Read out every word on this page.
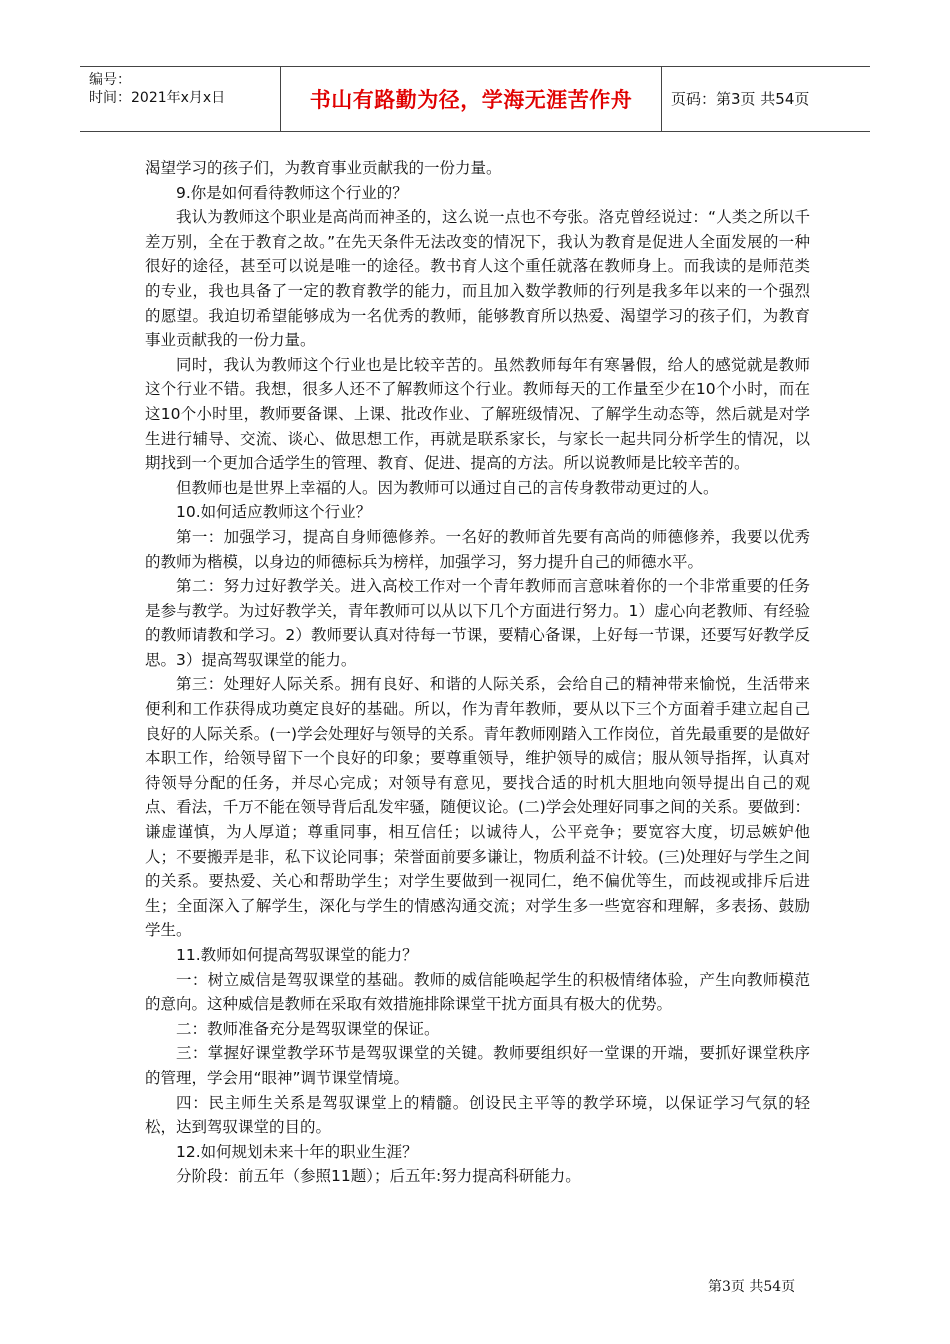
编号：
时间：2021年x月x日	书山有路勤为径，学海无涯苦作舟	页码：第3页 共54页

渴望学习的孩子们，为教育事业贡献我的一份力量。

9.你是如何看待教师这个行业的？

我认为教师这个职业是高尚而神圣的，这么说一点也不夸张。洛克曾经说过：“人类之所以千差万别，全在于教育之故。”在先天条件无法改变的情况下，我认为教育是促进人全面发展的一种很好的途径，甚至可以说是唯一的途径。教书育人这个重任就落在教师身上。而我读的是师范类的专业，我也具备了一定的教育教学的能力，而且加入数学教师的行列是我多年以来的一个强烈的愿望。我迫切希望能够成为一名优秀的教师，能够教育所以热爱、渴望学习的孩子们，为教育事业贡献我的一份力量。

同时，我认为教师这个行业也是比较辛苦的。虽然教师每年有寒暑假，给人的感觉就是教师这个行业不错。我想，很多人还不了解教师这个行业。教师每天的工作量至少在10个小时，而在这10个小时里，教师要备课、上课、批改作业、了解班级情况、了解学生动态等，然后就是对学生进行辅导、交流、谈心、做思想工作，再就是联系家长，与家长一起共同分析学生的情况，以期找到一个更加合适学生的管理、教育、促进、提高的方法。所以说教师是比较辛苦的。

但教师也是世界上幸福的人。因为教师可以通过自己的言传身教带动更过的人。

10.如何适应教师这个行业？

第一：加强学习，提高自身师德修养。一名好的教师首先要有高尚的师德修养，我要以优秀的教师为楷模，以身边的师德标兵为榜样，加强学习，努力提升自己的师德水平。

第二：努力过好教学关。进入高校工作对一个青年教师而言意味着你的一个非常重要的任务是参与教学。为过好教学关，青年教师可以从以下几个方面进行努力。1）虚心向老教师、有经验的教师请教和学习。2）教师要认真对待每一节课，要精心备课，上好每一节课，还要写好教学反思。3）提高驾驭课堂的能力。

第三：处理好人际关系。拥有良好、和谐的人际关系，会给自己的精神带来愉悦，生活带来便利和工作获得成功奠定良好的基础。所以，作为青年教师，要从以下三个方面着手建立起自己良好的人际关系。(一)学会处理好与领导的关系。青年教师刚踏入工作岗位，首先最重要的是做好本职工作，给领导留下一个良好的印象；要尊重领导，维护领导的威信；服从领导指挥，认真对待领导分配的任务，并尽心完成；对领导有意见，要找合适的时机大胆地向领导提出自己的观点、看法，千万不能在领导背后乱发牢骚，随便议论。(二)学会处理好同事之间的关系。要做到：谦虚谨慎，为人厚道；尊重同事，相互信任；以诚待人，公平竞争；要宽容大度，切忌嫉妒他人；不要搬弄是非，私下议论同事；荣誉面前要多谦让，物质利益不计较。(三)处理好与学生之间的关系。要热爱、关心和帮助学生；对学生要做到一视同仁，绝不偏优等生，而歧视或排斥后进生；全面深入了解学生，深化与学生的情感沟通交流；对学生多一些宽容和理解，多表扬、鼓励学生。

11.教师如何提高驾驭课堂的能力？

一：树立威信是驾驭课堂的基础。教师的威信能唤起学生的积极情绪体验，产生向教师模范的意向。这种威信是教师在采取有效措施排除课堂干扰方面具有极大的优势。

二：教师准备充分是驾驭课堂的保证。

三：掌握好课堂教学环节是驾驭课堂的关键。教师要组织好一堂课的开端，要抓好课堂秩序的管理，学会用“眼神”调节课堂情境。

四：民主师生关系是驾驭课堂上的精髓。创设民主平等的教学环境，以保证学习气氛的轻松，达到驾驭课堂的目的。

12.如何规划未来十年的职业生涯？

分阶段：前五年（参照11题）；后五年:努力提高科研能力。

第3页 共54页
